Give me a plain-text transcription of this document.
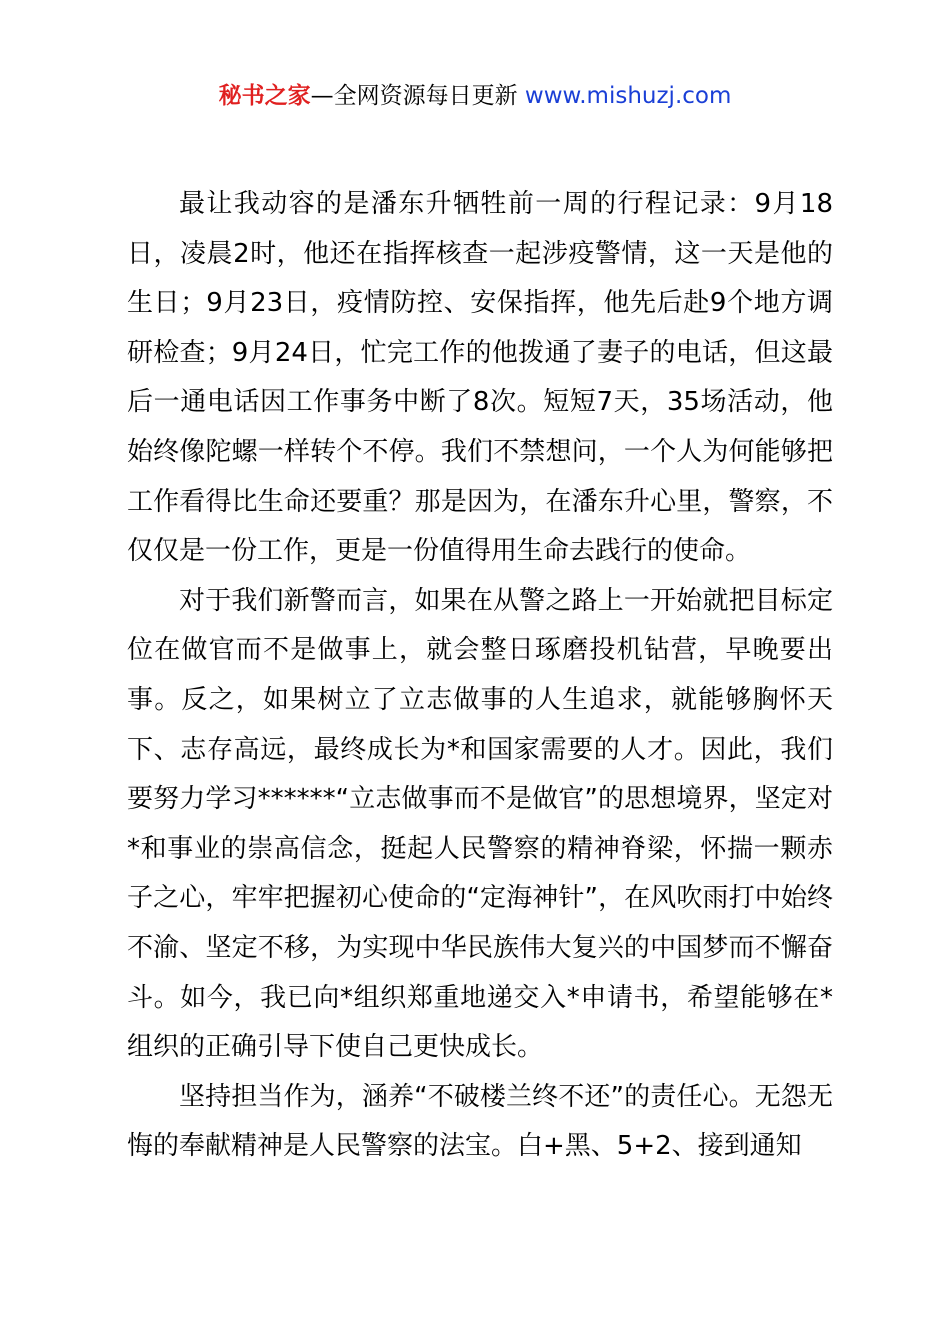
秘书之家—全网资源每日更新 www.mishuzj.com

最让我动容的是潘东升牺牲前一周的行程记录：9月18日，凌晨2时，他还在指挥核查一起涉疫警情，这一天是他的生日；9月23日，疫情防控、安保指挥，他先后赴9个地方调研检查；9月24日，忙完工作的他拨通了妻子的电话，但这最后一通电话因工作事务中断了8次。短短7天，35场活动，他始终像陀螺一样转个不停。我们不禁想问，一个人为何能够把工作看得比生命还要重？那是因为，在潘东升心里，警察，不仅仅是一份工作，更是一份值得用生命去践行的使命。

对于我们新警而言，如果在从警之路上一开始就把目标定位在做官而不是做事上，就会整日琢磨投机钻营，早晚要出事。反之，如果树立了立志做事的人生追求，就能够胸怀天下、志存高远，最终成长为*和国家需要的人才。因此，我们要努力学习******“立志做事而不是做官”的思想境界，坚定对*和事业的崇高信念，挺起人民警察的精神脊梁，怀揣一颗赤子之心，牢牢把握初心使命的“定海神针”，在风吹雨打中始终不渝、坚定不移，为实现中华民族伟大复兴的中国梦而不懈奋斗。如今，我已向*组织郑重地递交入*申请书，希望能够在*组织的正确引导下使自己更快成长。

坚持担当作为，涵养“不破楼兰终不还”的责任心。无怨无悔的奉献精神是人民警察的法宝。白+黑、5+2、接到通知
